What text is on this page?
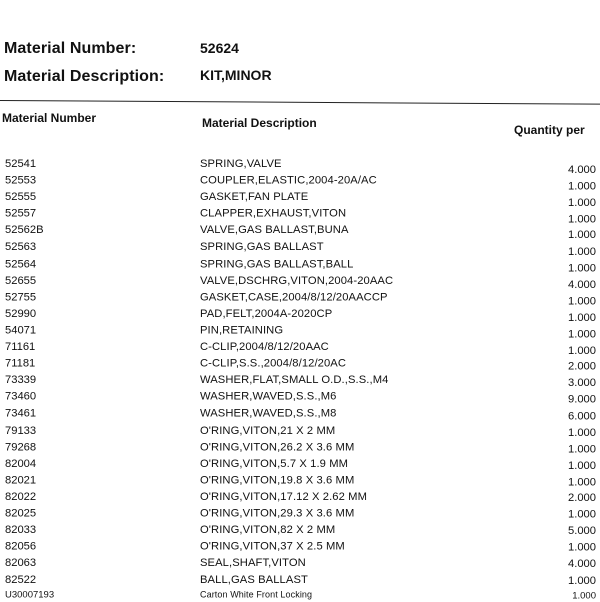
Material Number:	52624
Material Description:	KIT,MINOR
Material Number	Material Description	Quantity per
52541	SPRING,VALVE	4.000
52553	COUPLER,ELASTIC,2004-20A/AC	1.000
52555	GASKET,FAN PLATE	1.000
52557	CLAPPER,EXHAUST,VITON	1.000
52562B	VALVE,GAS BALLAST,BUNA	1.000
52563	SPRING,GAS BALLAST	1.000
52564	SPRING,GAS BALLAST,BALL	1.000
52655	VALVE,DSCHRG,VITON,2004-20AAC	4.000
52755	GASKET,CASE,2004/8/12/20AACCP	1.000
52990	PAD,FELT,2004A-2020CP	1.000
54071	PIN,RETAINING	1.000
71161	C-CLIP,2004/8/12/20AAC	1.000
71181	C-CLIP,S.S.,2004/8/12/20AC	2.000
73339	WASHER,FLAT,SMALL O.D.,S.S.,M4	3.000
73460	WASHER,WAVED,S.S.,M6	9.000
73461	WASHER,WAVED,S.S.,M8	6.000
79133	O'RING,VITON,21 X 2 MM	1.000
79268	O'RING,VITON,26.2 X 3.6 MM	1.000
82004	O'RING,VITON,5.7 X 1.9 MM	1.000
82021	O'RING,VITON,19.8 X 3.6 MM	1.000
82022	O'RING,VITON,17.12 X 2.62 MM	2.000
82025	O'RING,VITON,29.3 X 3.6 MM	1.000
82033	O'RING,VITON,82 X 2 MM	5.000
82056	O'RING,VITON,37 X 2.5 MM	1.000
82063	SEAL,SHAFT,VITON	4.000
82522	BALL,GAS BALLAST	1.000
U30007193	Carton White Front Locking	1.000
